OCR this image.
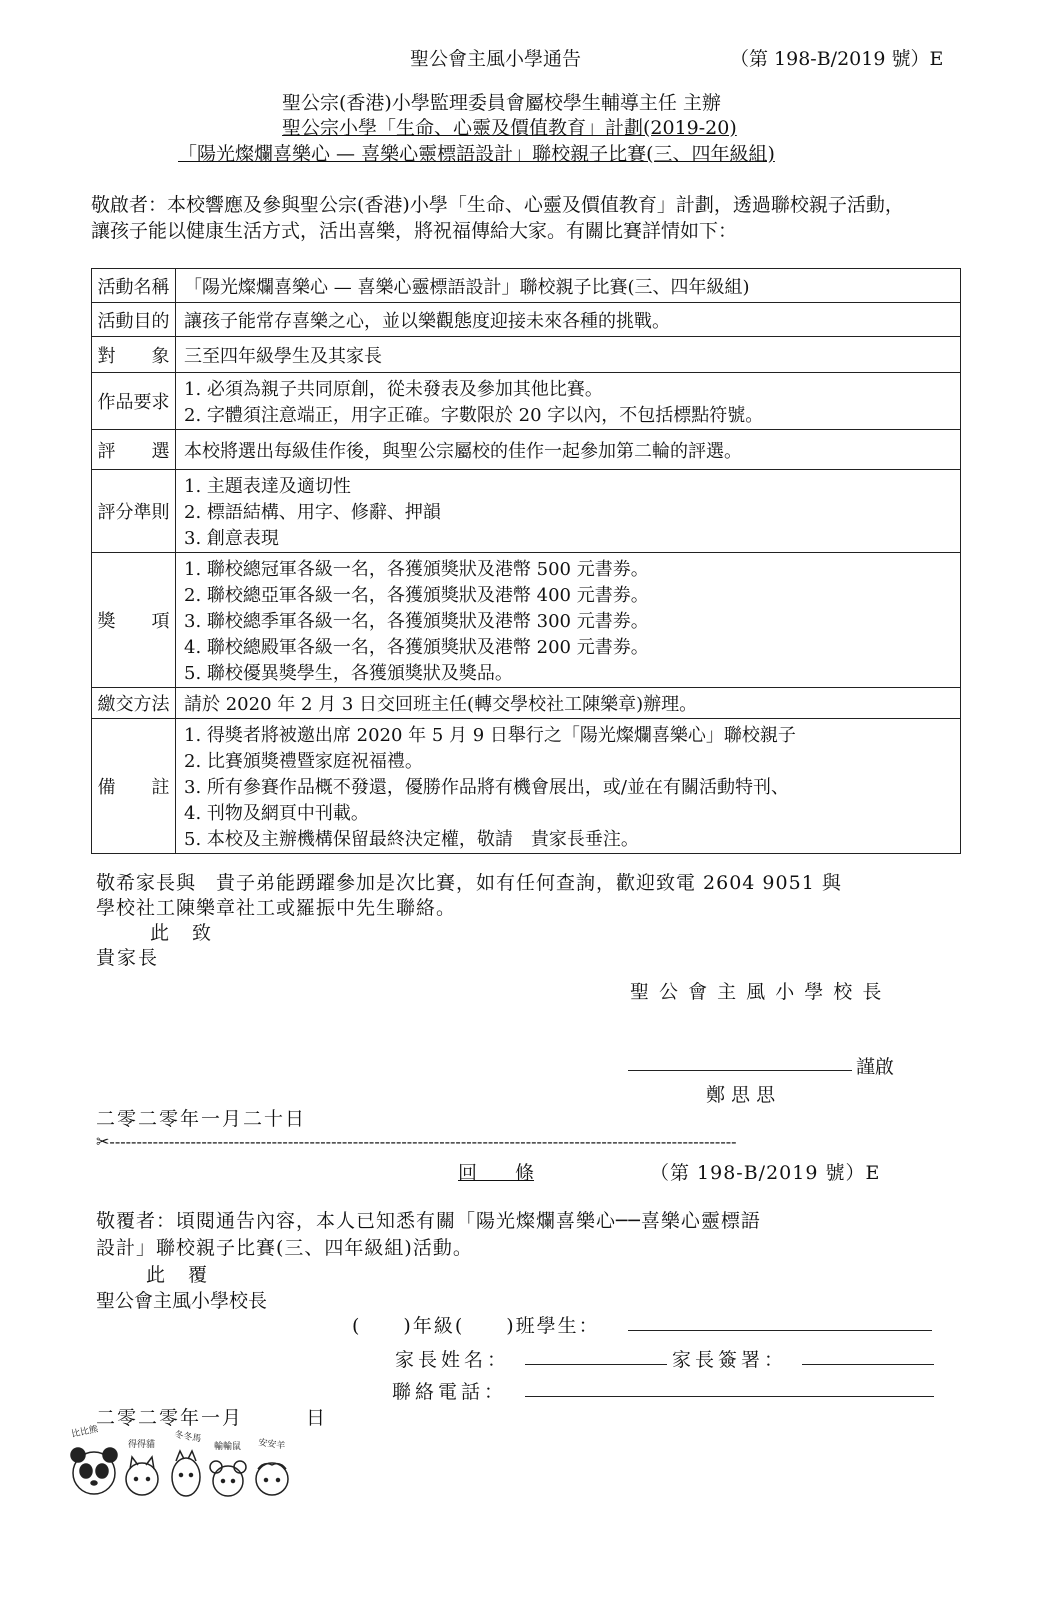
聖公會主風小學通告	（第 198-B/2019 號）E
聖公宗(香港)小學監理委員會屬校學生輔導主任 主辦
聖公宗小學「生命、心靈及價值教育」計劃(2019-20)
「陽光燦爛喜樂心 — 喜樂心靈標語設計」聯校親子比賽(三、四年級組)
敬啟者：本校響應及參與聖公宗(香港)小學「生命、心靈及價值教育」計劃，透過聯校親子活動，
讓孩子能以健康生活方式，活出喜樂，將祝福傳給大家。有關比賽詳情如下：
活動名稱	「陽光燦爛喜樂心 — 喜樂心靈標語設計」聯校親子比賽(三、四年級組)
活動目的	讓孩子能常存喜樂之心，並以樂觀態度迎接未來各種的挑戰。
對　　象	三至四年級學生及其家長
作品要求	1. 必須為親子共同原創，從未發表及參加其他比賽。
2. 字體須注意端正，用字正確。字數限於 20 字以內，不包括標點符號。

評　　選	本校將選出每級佳作後，與聖公宗屬校的佳作一起參加第二輪的評選。
評分準則	1. 主題表達及適切性
2. 標語結構、用字、修辭、押韻
3. 創意表現

獎　　項	1. 聯校總冠軍各級一名，各獲頒獎狀及港幣 500 元書劵。
2. 聯校總亞軍各級一名，各獲頒獎狀及港幣 400 元書劵。
3. 聯校總季軍各級一名，各獲頒獎狀及港幣 300 元書劵。
4. 聯校總殿軍各級一名，各獲頒獎狀及港幣 200 元書劵。
5. 聯校優異獎學生，各獲頒獎狀及獎品。

繳交方法	請於 2020 年 2 月 3 日交回班主任(轉交學校社工陳樂章)辦理。
備　　註	1. 得獎者將被邀出席 2020 年 5 月 9 日舉行之「陽光燦爛喜樂心」聯校親子
2. 比賽頒獎禮暨家庭祝福禮。
3. 所有參賽作品概不發還，優勝作品將有機會展出，或/並在有關活動特刊、
4. 刊物及網頁中刊載。
5. 本校及主辦機構保留最終決定權，敬請　貴家長垂注。
敬希家長與　貴子弟能踴躍參加是次比賽，如有任何查詢，歡迎致電 2604 9051 與
學校社工陳樂章社工或羅振中先生聯絡。
此　致
貴家長
聖 公 會 主 風 小 學 校 長
謹啟
鄭 思 思
二零二零年一月二十日
✂--------------------------------------------------------------------------------------------------------------------
回　　條	（第 198-B/2019 號）E
敬覆者：頃閱通告內容，本人已知悉有關「陽光燦爛喜樂心──喜樂心靈標語
設計」聯校親子比賽(三、四年級組)活動。
此　覆
聖公會主風小學校長
(　　)年級(　　)班學生：
家長姓名：	家長簽署：
聯絡電話：
二零二零年一月　　　日
比比熊
得得貓
冬冬馬
輸輸鼠 安安羊
